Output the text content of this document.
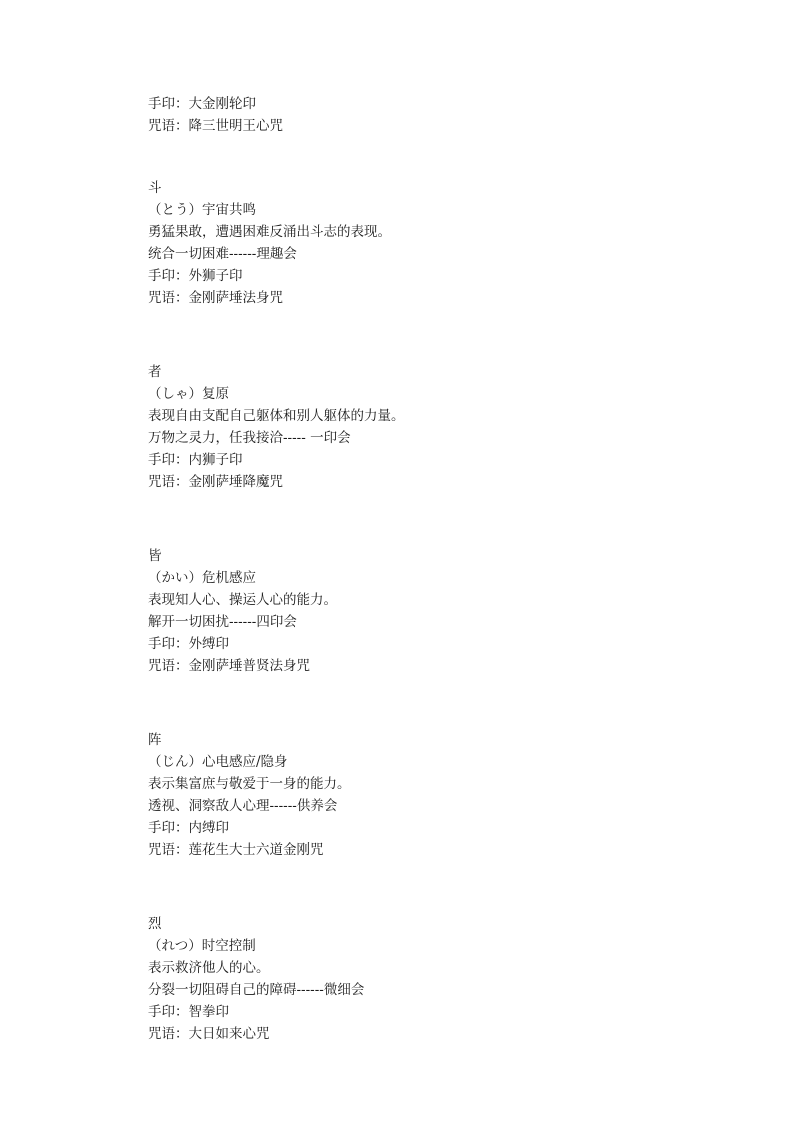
手印：大金刚轮印
咒语：降三世明王心咒
斗
（とう）宇宙共鸣
勇猛果敢，遭遇困难反涌出斗志的表现。
统合一切困难------理趣会
手印：外狮子印
咒语：金刚萨埵法身咒
者
（しゃ）复原
表现自由支配自己躯体和别人躯体的力量。
万物之灵力，任我接洽----- 一印会
手印：内狮子印
咒语：金刚萨埵降魔咒
皆
（かい）危机感应
表现知人心、操运人心的能力。
解开一切困扰------四印会
手印：外缚印
咒语：金刚萨埵普贤法身咒
阵
（じん）心电感应/隐身
表示集富庶与敬爱于一身的能力。
透视、洞察敌人心理------供养会
手印：内缚印
咒语：莲花生大士六道金刚咒
烈
（れつ）时空控制
表示救济他人的心。
分裂一切阻碍自己的障碍------微细会
手印：智拳印
咒语：大日如来心咒
